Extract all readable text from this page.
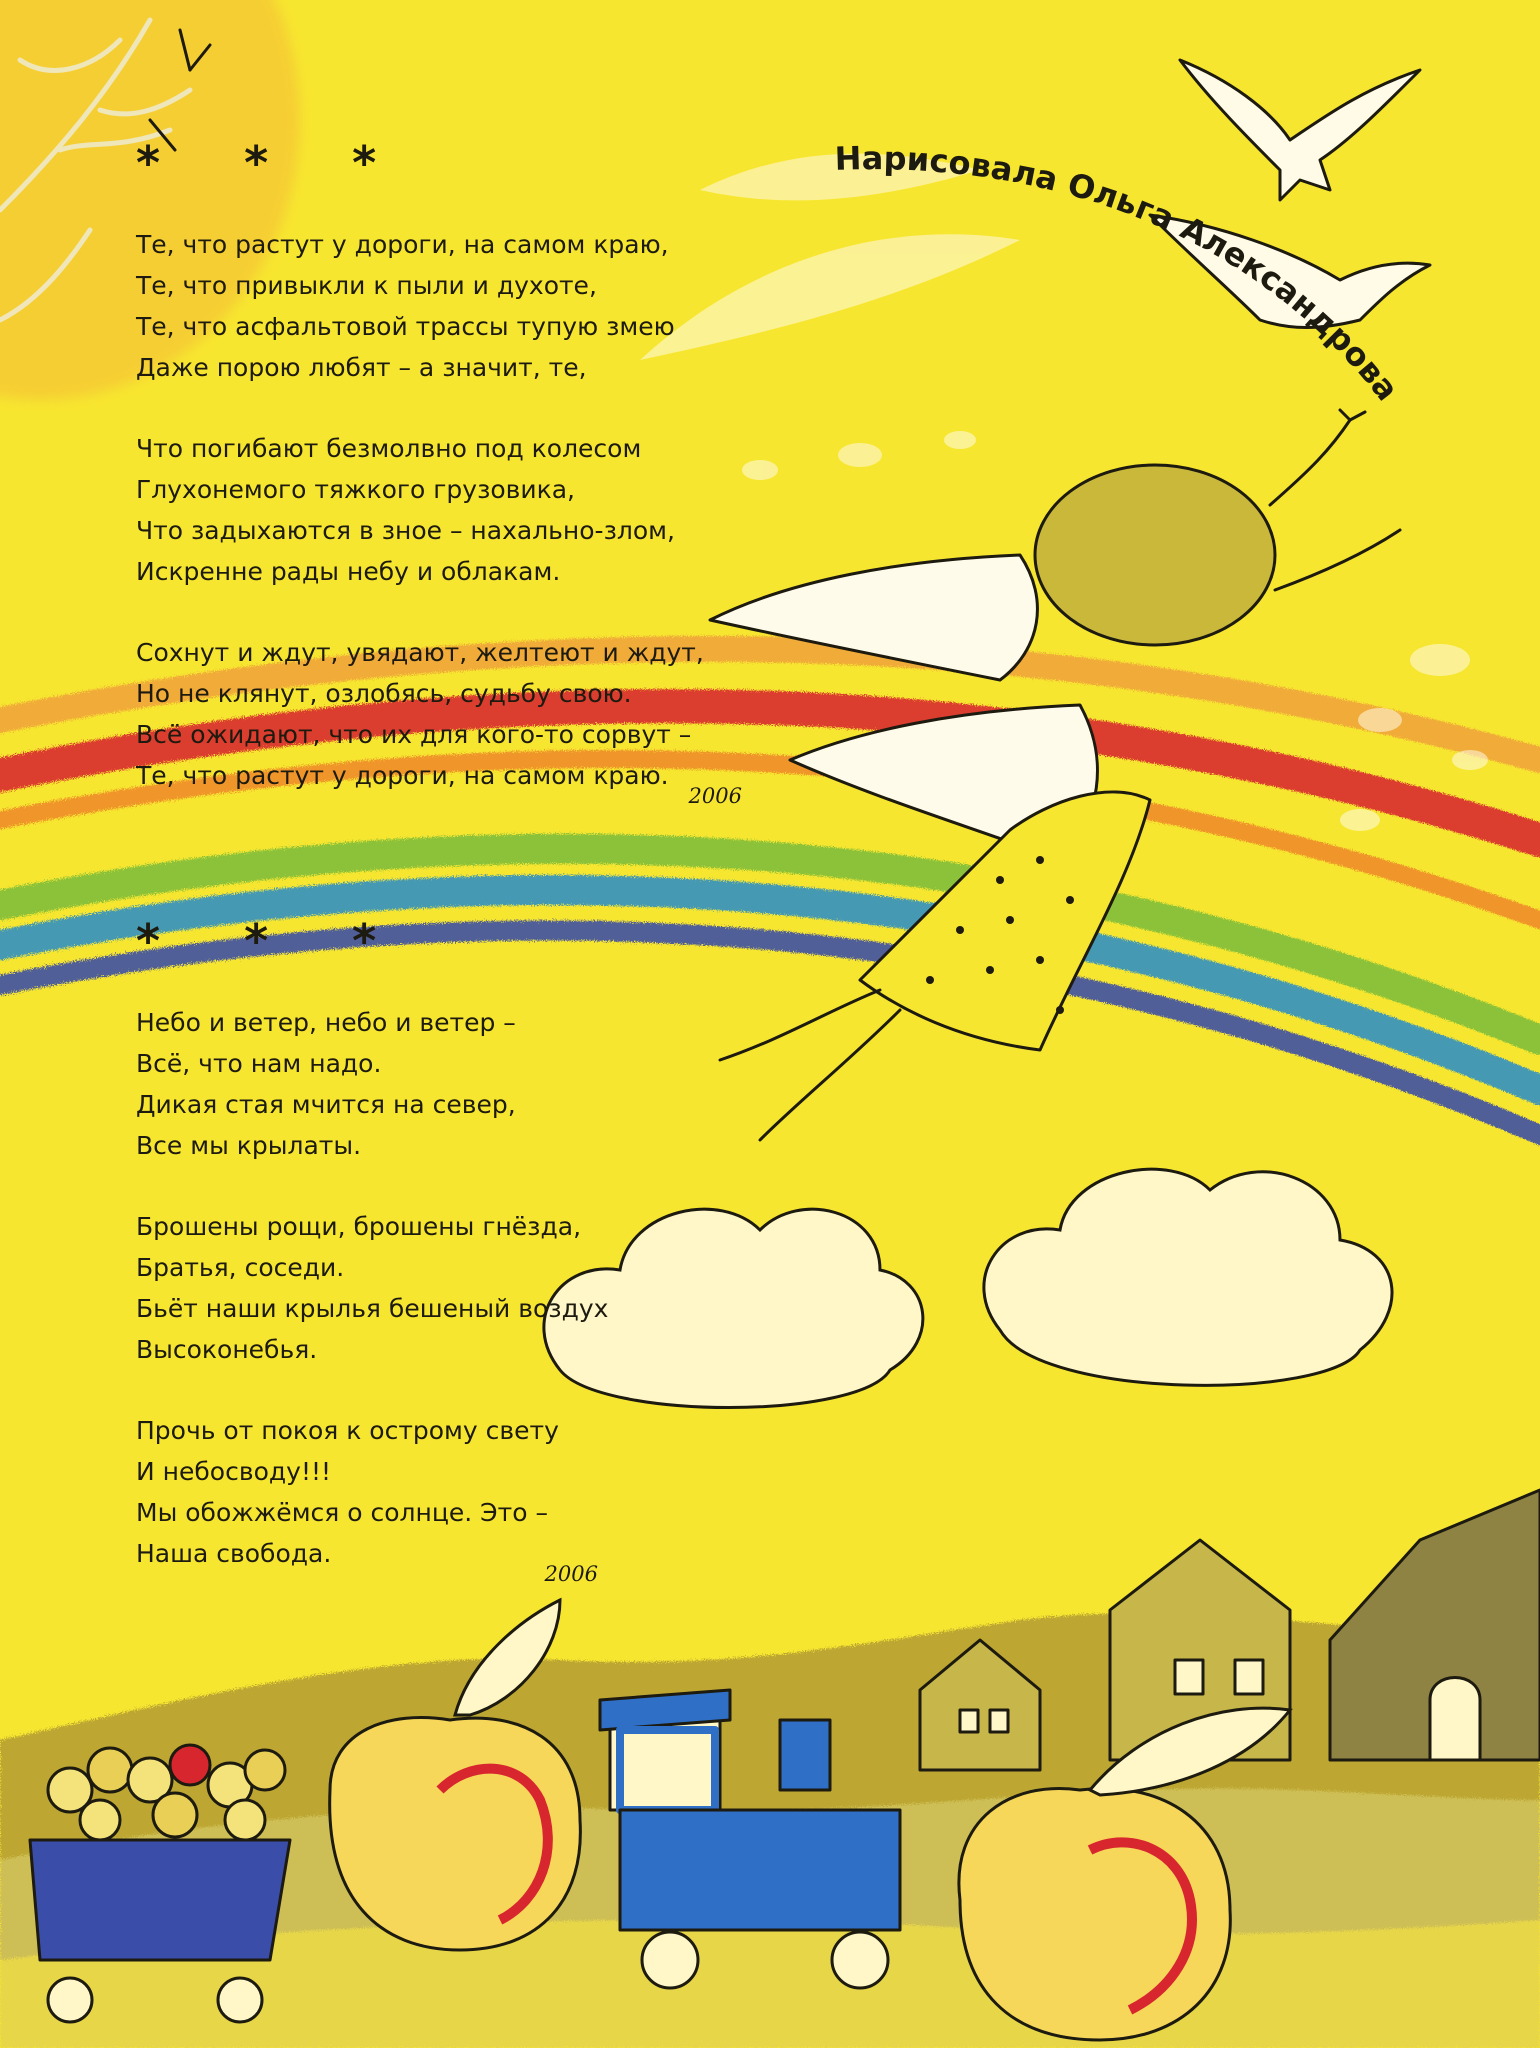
Нарисовала Ольга Александрова
* * *
Те, что растут у дороги, на самом краю,
Те, что привыкли к пыли и духоте,
Те, что асфальтовой трассы тупую змею
Даже порою любят – а значит, те,
Что погибают безмолвно под колесом
Глухонемого тяжкого грузовика,
Что задыхаются в зное – нахально-злом,
Искренне рады небу и облакам.
Сохнут и ждут, увядают, желтеют и ждут,
Но не клянут, озлобясь, судьбу свою.
Всё ожидают, что их для кого-то сорвут –
Те, что растут у дороги, на самом краю.
2006
* * *
Небо и ветер, небо и ветер –
Всё, что нам надо.
Дикая стая мчится на север,
Все мы крылаты.
Брошены рощи, брошены гнёзда,
Братья, соседи.
Бьёт наши крылья бешеный воздух
Высоконебья.
Прочь от покоя к острому свету
И небосводу!!!
Мы обожжёмся о солнце. Это –
Наша свобода.
2006
